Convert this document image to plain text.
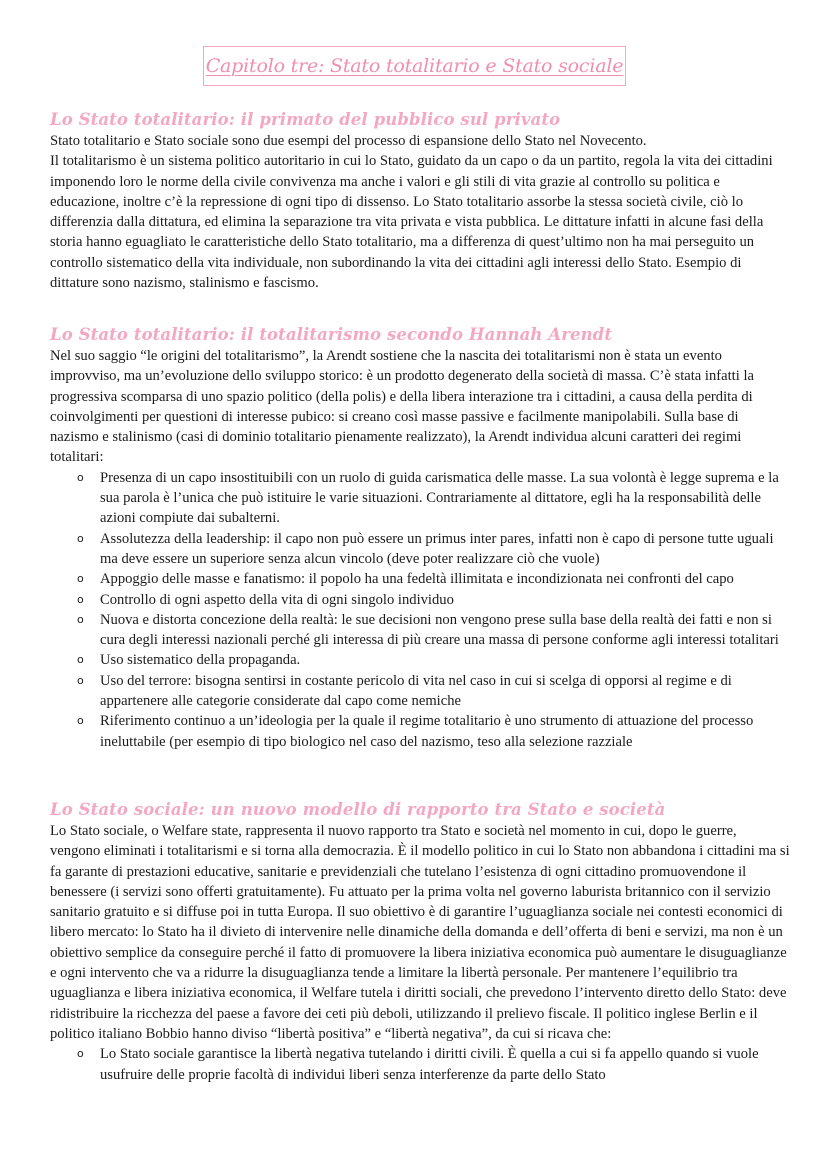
Capitolo tre: Stato totalitario e Stato sociale
Lo Stato totalitario: il primato del pubblico sul privato

Stato totalitario e Stato sociale sono due esempi del processo di espansione dello Stato nel Novecento.

Il totalitarismo è un sistema politico autoritario in cui lo Stato, guidato da un capo o da un partito, regola la vita dei cittadini imponendo loro le norme della civile convivenza ma anche i valori e gli stili di vita grazie al controllo su politica e educazione, inoltre c’è la repressione di ogni tipo di dissenso. Lo Stato totalitario assorbe la stessa società civile, ciò lo differenzia dalla dittatura, ed elimina la separazione tra vita privata e vista pubblica. Le dittature infatti in alcune fasi della storia hanno eguagliato le caratteristiche dello Stato totalitario, ma a differenza di quest’ultimo non ha mai perseguito un controllo sistematico della vita individuale, non subordinando la vita dei cittadini agli interessi dello Stato. Esempio di dittature sono nazismo, stalinismo e fascismo.

Lo Stato totalitario: il totalitarismo secondo Hannah Arendt

Nel suo saggio “le origini del totalitarismo”, la Arendt sostiene che la nascita dei totalitarismi non è stata un evento improvviso, ma un’evoluzione dello sviluppo storico: è un prodotto degenerato della società di massa. C’è stata infatti la progressiva scomparsa di uno spazio politico (della polis) e della libera interazione tra i cittadini, a causa della perdita di coinvolgimenti per questioni di interesse pubico: si creano così masse passive e facilmente manipolabili. Sulla base di nazismo e stalinismo (casi di dominio totalitario pienamente realizzato), la Arendt individua alcuni caratteri dei regimi totalitari:

o Presenza di un capo insostituibili con un ruolo di guida carismatica delle masse. La sua volontà è legge suprema e la sua parola è l’unica che può istituire le varie situazioni. Contrariamente al dittatore, egli ha la responsabilità delle azioni compiute dai subalterni.
o Assolutezza della leadership: il capo non può essere un primus inter pares, infatti non è capo di persone tutte uguali ma deve essere un superiore senza alcun vincolo (deve poter realizzare ciò che vuole)
o Appoggio delle masse e fanatismo: il popolo ha una fedeltà illimitata e incondizionata nei confronti del capo
o Controllo di ogni aspetto della vita di ogni singolo individuo
o Nuova e distorta concezione della realtà: le sue decisioni non vengono prese sulla base della realtà dei fatti e non si cura degli interessi nazionali perché gli interessa di più creare una massa di persone conforme agli interessi totalitari
o Uso sistematico della propaganda.
o Uso del terrore: bisogna sentirsi in costante pericolo di vita nel caso in cui si scelga di opporsi al regime e di appartenere alle categorie considerate dal capo come nemiche
o Riferimento continuo a un’ideologia per la quale il regime totalitario è uno strumento di attuazione del processo ineluttabile (per esempio di tipo biologico nel caso del nazismo, teso alla selezione razziale
Lo Stato sociale: un nuovo modello di rapporto tra Stato e società

Lo Stato sociale, o Welfare state, rappresenta il nuovo rapporto tra Stato e società nel momento in cui, dopo le guerre, vengono eliminati i totalitarismi e si torna alla democrazia. È il modello politico in cui lo Stato non abbandona i cittadini ma si fa garante di prestazioni educative, sanitarie e previdenziali che tutelano l’esistenza di ogni cittadino promuovendone il benessere (i servizi sono offerti gratuitamente). Fu attuato per la prima volta nel governo laburista britannico con il servizio sanitario gratuito e si diffuse poi in tutta Europa. Il suo obiettivo è di garantire l’uguaglianza sociale nei contesti economici di libero mercato: lo Stato ha il divieto di intervenire nelle dinamiche della domanda e dell’offerta di beni e servizi, ma non è un obiettivo semplice da conseguire perché il fatto di promuovere la libera iniziativa economica può aumentare le disuguaglianze e ogni intervento che va a ridurre la disuguaglianza tende a limitare la libertà personale. Per mantenere l’equilibrio tra uguaglianza e libera iniziativa economica, il Welfare tutela i diritti sociali, che prevedono l’intervento diretto dello Stato: deve ridistribuire la ricchezza del paese a favore dei ceti più deboli, utilizzando il prelievo fiscale. Il politico inglese Berlin e il politico italiano Bobbio hanno diviso “libertà positiva” e “libertà negativa”, da cui si ricava che:

o Lo Stato sociale garantisce la libertà negativa tutelando i diritti civili. È quella a cui si fa appello quando si vuole usufruire delle proprie facoltà di individui liberi senza interferenze da parte dello Stato
